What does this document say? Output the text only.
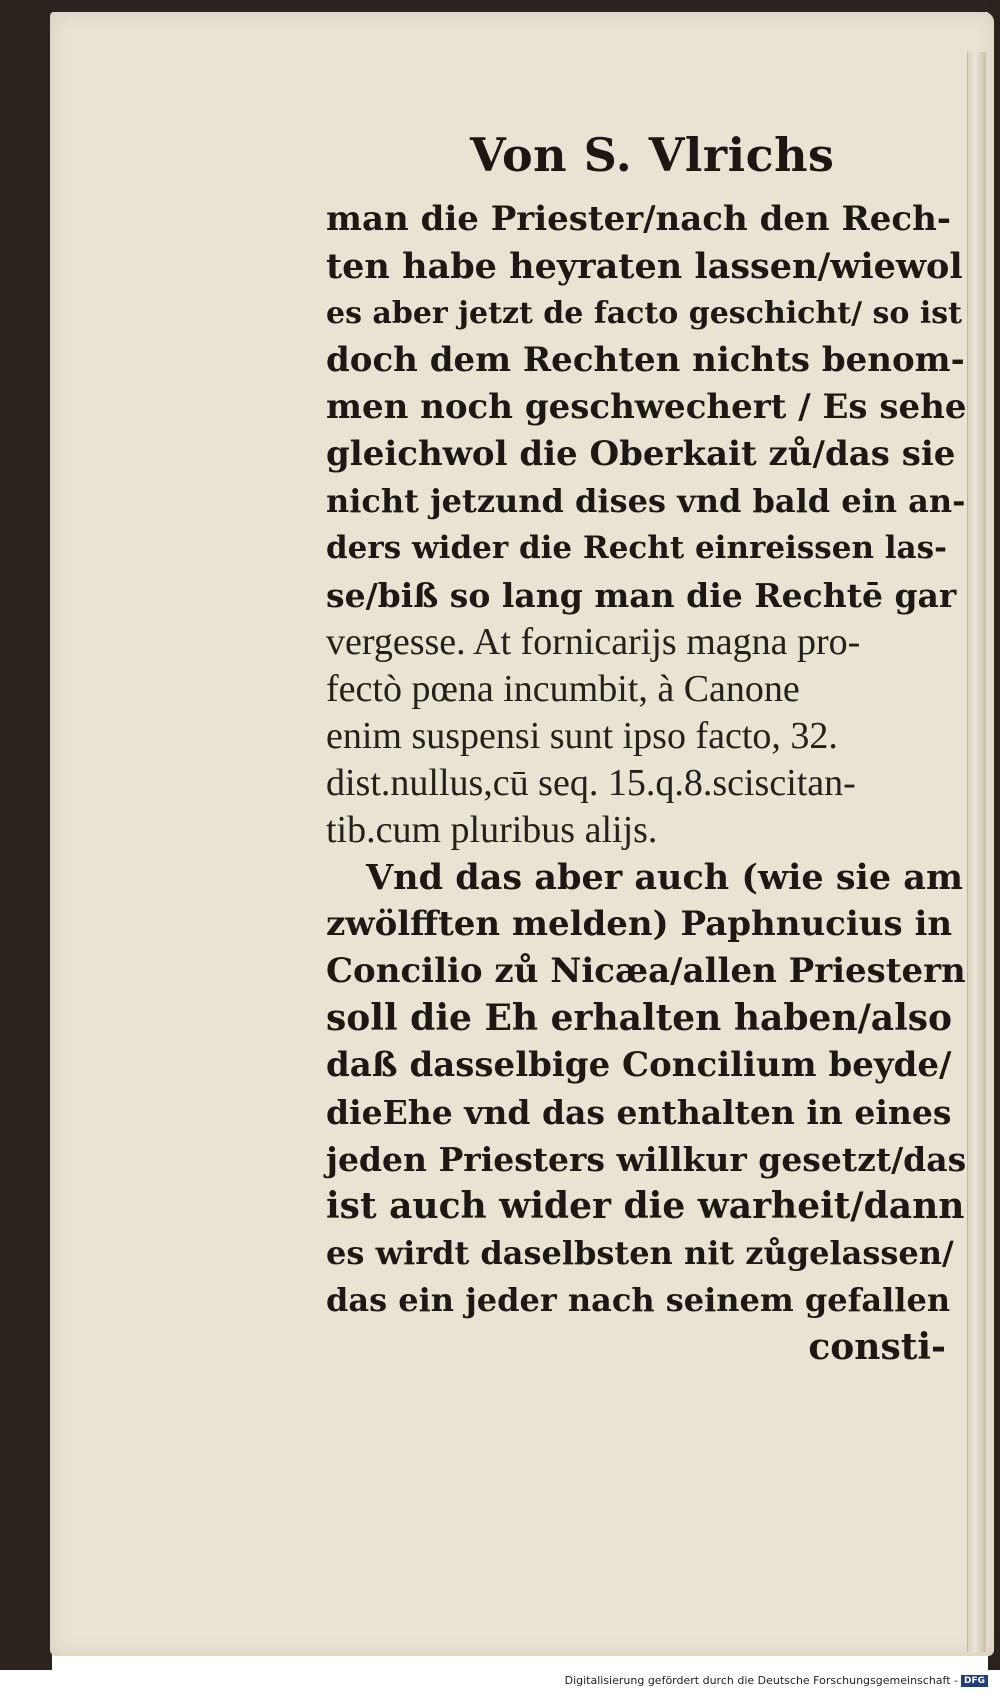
Von S. Vlrichs
man die Priester/nach den Rech-
ten habe heyraten lassen/wiewol
es aber jetzt de facto geschicht/ so ist
doch dem Rechten nichts benom-
men noch geschwechert / Es sehe
gleichwol die Oberkait zů/das sie
nicht jetzund dises vnd bald ein an-
ders wider die Recht einreissen las-
se/biß so lang man die Rechtē gar
vergesse. At fornicarijs magna pro-
fectò pœna incumbit, à Canone
enim suspensi sunt ipso facto, 32.
dist.nullus,cū seq. 15.q.8.sciscitan-
tib.cum pluribus alijs.
Vnd das aber auch (wie sie am
zwölfften melden) Paphnucius in
Concilio zů Nicæa/allen Priestern
soll die Eh erhalten haben/also
daß dasselbige Concilium beyde/
dieEhe vnd das enthalten in eines
jeden Priesters willkur gesetzt/das
ist auch wider die warheit/dann
es wirdt daselbsten nit zůgelassen/
das ein jeder nach seinem gefallen
consti-
Digitalisierung gefördert durch die Deutsche Forschungsgemeinschaft - DFG
